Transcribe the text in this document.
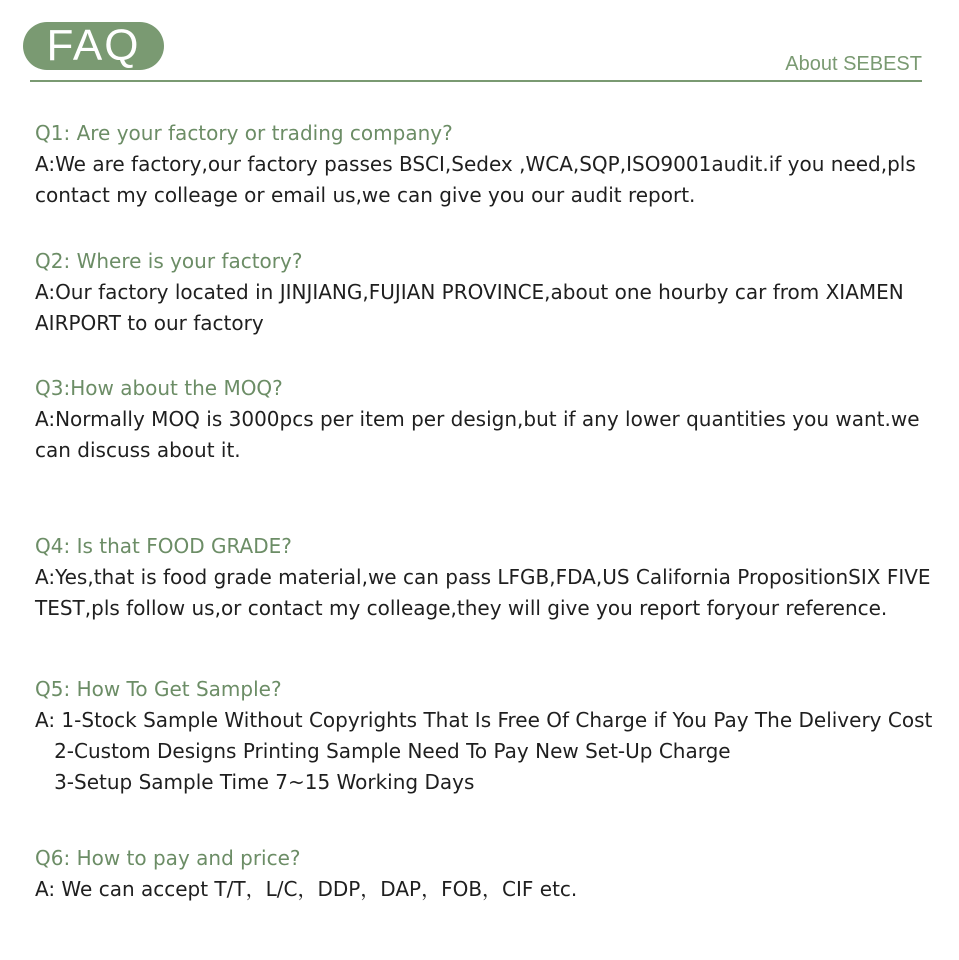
FAQ	About SEBEST
Q1: Are your factory or trading company?
A:We are factory,our factory passes BSCI,Sedex ,WCA,SQP,ISO9001audit.if you need,pls
contact my colleage or email us,we can give you our audit report.
Q2: Where is your factory?
A:Our factory located in JINJIANG,FUJIAN PROVINCE,about one hourby car from XIAMEN
AIRPORT to our factory
Q3:How about the MOQ?
A:Normally MOQ is 3000pcs per item per design,but if any lower quantities you want.we
can discuss about it.
Q4: Is that FOOD GRADE?
A:Yes,that is food grade material,we can pass LFGB,FDA,US California PropositionSIX FIVE
TEST,pls follow us,or contact my colleage,they will give you report foryour reference.
Q5: How To Get Sample?
A: 1-Stock Sample Without Copyrights That Is Free Of Charge if You Pay The Delivery Cost
2-Custom Designs Printing Sample Need To Pay New Set-Up Charge
3-Setup Sample Time 7~15 Working Days
Q6: How to pay and price?
A: We can accept T/T，L/C，DDP，DAP，FOB，CIF etc.
